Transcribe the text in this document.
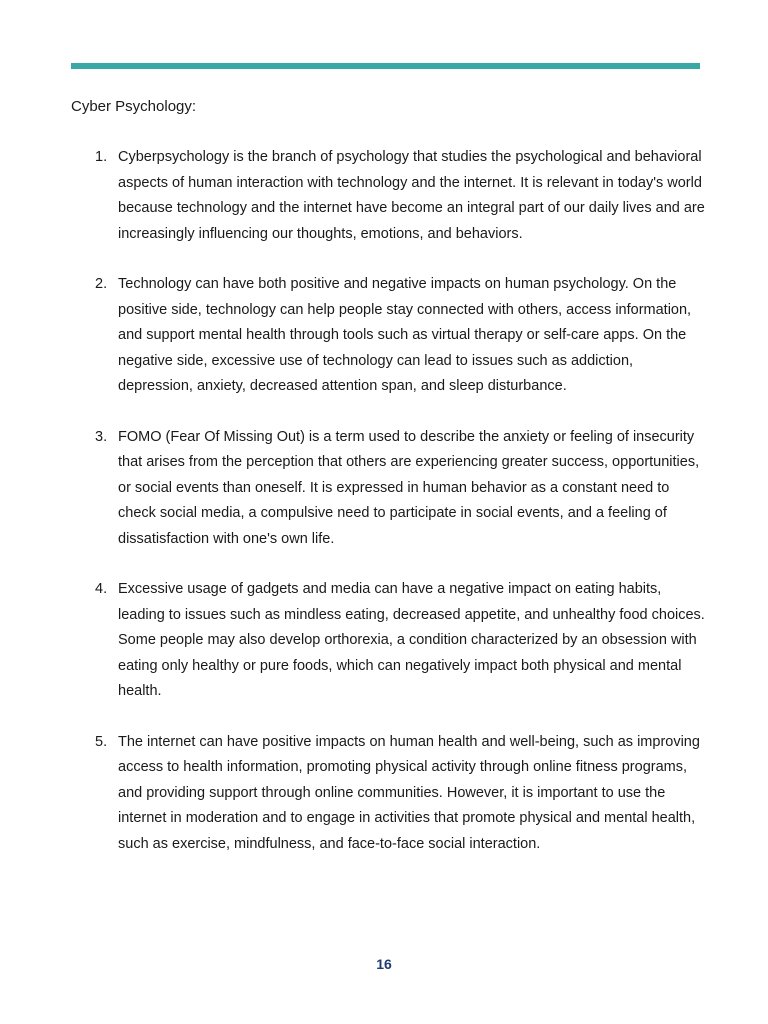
Cyber Psychology:
1. Cyberpsychology is the branch of psychology that studies the psychological and behavioral aspects of human interaction with technology and the internet. It is relevant in today's world because technology and the internet have become an integral part of our daily lives and are increasingly influencing our thoughts, emotions, and behaviors.

2. Technology can have both positive and negative impacts on human psychology. On the positive side, technology can help people stay connected with others, access information, and support mental health through tools such as virtual therapy or self-care apps. On the negative side, excessive use of technology can lead to issues such as addiction, depression, anxiety, decreased attention span, and sleep disturbance.

3. FOMO (Fear Of Missing Out) is a term used to describe the anxiety or feeling of insecurity that arises from the perception that others are experiencing greater success, opportunities, or social events than oneself. It is expressed in human behavior as a constant need to check social media, a compulsive need to participate in social events, and a feeling of dissatisfaction with one's own life.

4. Excessive usage of gadgets and media can have a negative impact on eating habits, leading to issues such as mindless eating, decreased appetite, and unhealthy food choices. Some people may also develop orthorexia, a condition characterized by an obsession with eating only healthy or pure foods, which can negatively impact both physical and mental health.

5. The internet can have positive impacts on human health and well-being, such as improving access to health information, promoting physical activity through online fitness programs, and providing support through online communities. However, it is important to use the internet in moderation and to engage in activities that promote physical and mental health, such as exercise, mindfulness, and face-to-face social interaction.

16
